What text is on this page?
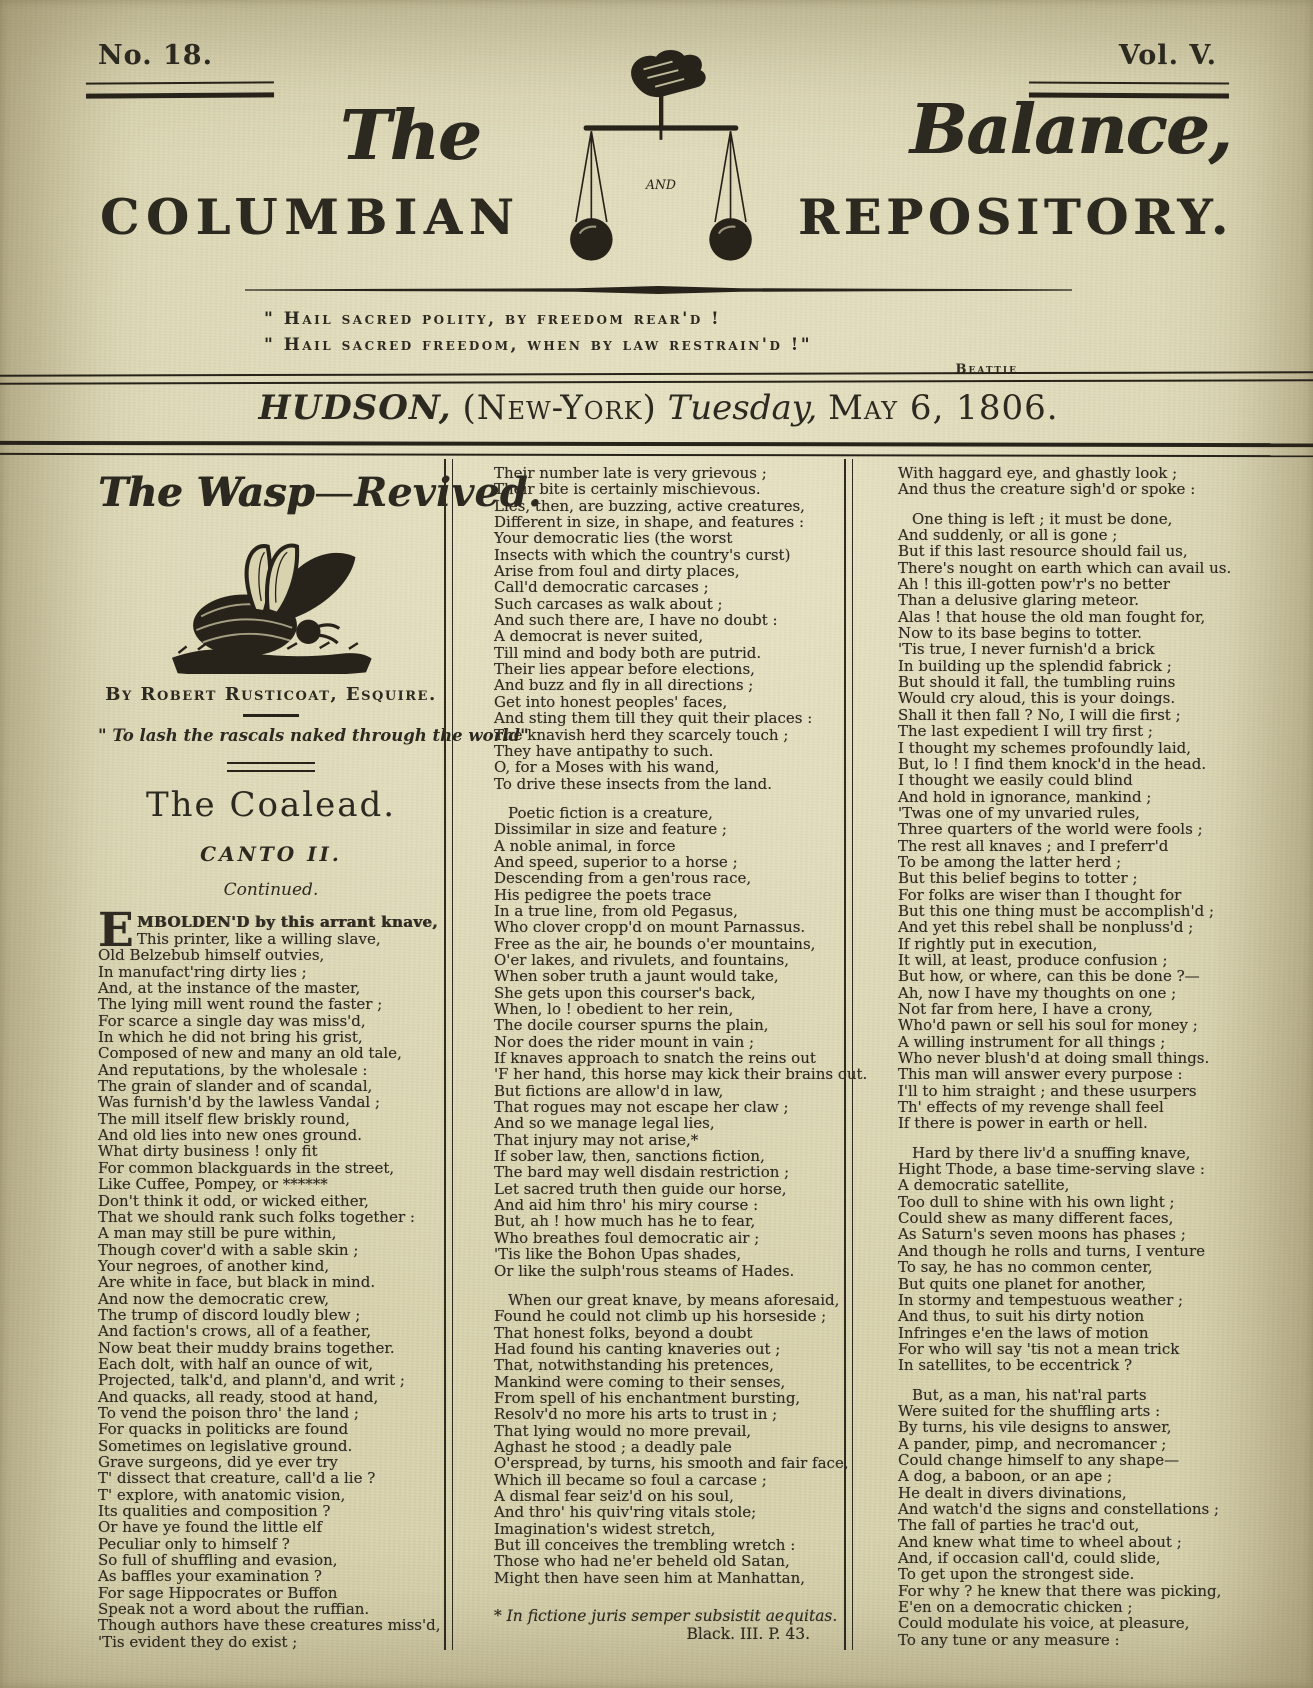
No. 18.	Vol. V.
AND
The	Balance,
COLUMBIAN	REPOSITORY.
" Hail sacred polity, by freedom rear'd !
" Hail sacred freedom, when by law restrain'd !"
Beattie
HUDSON, (New-York) Tuesday, May 6, 1806.
The Wasp—Revived.
By Robert Rusticoat, Esquire.
" To lash the rascals naked through the world"
The Coalead.
CANTO II.
Continued.
EMBOLDEN'D by this arrant knave,
This printer, like a willing slave,
Old Belzebub himself outvies,
In manufact'ring dirty lies ;
And, at the instance of the master,
The lying mill went round the faster ;
For scarce a single day was miss'd,
In which he did not bring his grist,
Composed of new and many an old tale,
And reputations, by the wholesale :
The grain of slander and of scandal,
Was furnish'd by the lawless Vandal ;
The mill itself flew briskly round,
And old lies into new ones ground.
What dirty business ! only fit
For common blackguards in the street,
Like Cuffee, Pompey, or ******
Don't think it odd, or wicked either,
That we should rank such folks together :
A man may still be pure within,
Though cover'd with a sable skin ;
Your negroes, of another kind,
Are white in face, but black in mind.
And now the democratic crew,
The trump of discord loudly blew ;
And faction's crows, all of a feather,
Now beat their muddy brains together.
Each dolt, with half an ounce of wit,
Projected, talk'd, and plann'd, and writ ;
And quacks, all ready, stood at hand,
To vend the poison thro' the land ;
For quacks in politicks are found
Sometimes on legislative ground.
Grave surgeons, did ye ever try
T' dissect that creature, call'd a lie ?
T' explore, with anatomic vision,
Its qualities and composition ?
Or have ye found the little elf
Peculiar only to himself ?
So full of shuffling and evasion,
As baffles your examination ?
For sage Hippocrates or Buffon
Speak not a word about the ruffian.
Though authors have these creatures miss'd,
'Tis evident they do exist ;
Their number late is very grievous ;
Their bite is certainly mischievous.
Lies, then, are buzzing, active creatures,
Different in size, in shape, and features :
Your democratic lies (the worst
Insects with which the country's curst)
Arise from foul and dirty places,
Call'd democratic carcases ;
Such carcases as walk about ;
And such there are, I have no doubt :
A democrat is never suited,
Till mind and body both are putrid.
Their lies appear before elections,
And buzz and fly in all directions ;
Get into honest peoples' faces,
And sting them till they quit their places :
The knavish herd they scarcely touch ;
They have antipathy to such.
O, for a Moses with his wand,
To drive these insects from the land.
Poetic fiction is a creature,
Dissimilar in size and feature ;
A noble animal, in force
And speed, superior to a horse ;
Descending from a gen'rous race,
His pedigree the poets trace
In a true line, from old Pegasus,
Who clover cropp'd on mount Parnassus.
Free as the air, he bounds o'er mountains,
O'er lakes, and rivulets, and fountains,
When sober truth a jaunt would take,
She gets upon this courser's back,
When, lo ! obedient to her rein,
The docile courser spurns the plain,
Nor does the rider mount in vain ;
If knaves approach to snatch the reins out
'F her hand, this horse may kick their brains out.
But fictions are allow'd in law,
That rogues may not escape her claw ;
And so we manage legal lies,
That injury may not arise,*
If sober law, then, sanctions fiction,
The bard may well disdain restriction ;
Let sacred truth then guide our horse,
And aid him thro' his miry course :
But, ah ! how much has he to fear,
Who breathes foul democratic air ;
'Tis like the Bohon Upas shades,
Or like the sulph'rous steams of Hades.
When our great knave, by means aforesaid,
Found he could not climb up his horseside ;
That honest folks, beyond a doubt
Had found his canting knaveries out ;
That, notwithstanding his pretences,
Mankind were coming to their senses,
From spell of his enchantment bursting,
Resolv'd no more his arts to trust in ;
That lying would no more prevail,
Aghast he stood ; a deadly pale
O'erspread, by turns, his smooth and fair face,
Which ill became so foul a carcase ;
A dismal fear seiz'd on his soul,
And thro' his quiv'ring vitals stole;
Imagination's widest stretch,
But ill conceives the trembling wretch :
Those who had ne'er beheld old Satan,
Might then have seen him at Manhattan,
* In fictione juris semper subsistit aequitas.
Black. III. P. 43.
With haggard eye, and ghastly look ;
And thus the creature sigh'd or spoke :
One thing is left ; it must be done,
And suddenly, or all is gone ;
But if this last resource should fail us,
There's nought on earth which can avail us.
Ah ! this ill-gotten pow'r's no better
Than a delusive glaring meteor.
Alas ! that house the old man fought for,
Now to its base begins to totter.
'Tis true, I never furnish'd a brick
In building up the splendid fabrick ;
But should it fall, the tumbling ruins
Would cry aloud, this is your doings.
Shall it then fall ? No, I will die first ;
The last expedient I will try first ;
I thought my schemes profoundly laid,
But, lo ! I find them knock'd in the head.
I thought we easily could blind
And hold in ignorance, mankind ;
'Twas one of my unvaried rules,
Three quarters of the world were fools ;
The rest all knaves ; and I preferr'd
To be among the latter herd ;
But this belief begins to totter ;
For folks are wiser than I thought for
But this one thing must be accomplish'd ;
And yet this rebel shall be nonpluss'd ;
If rightly put in execution,
It will, at least, produce confusion ;
But how, or where, can this be done ?—
Ah, now I have my thoughts on one ;
Not far from here, I have a crony,
Who'd pawn or sell his soul for money ;
A willing instrument for all things ;
Who never blush'd at doing small things.
This man will answer every purpose :
I'll to him straight ; and these usurpers
Th' effects of my revenge shall feel
If there is power in earth or hell.
Hard by there liv'd a snuffing knave,
Hight Thode, a base time-serving slave :
A democratic satellite,
Too dull to shine with his own light ;
Could shew as many different faces,
As Saturn's seven moons has phases ;
And though he rolls and turns, I venture
To say, he has no common center,
But quits one planet for another,
In stormy and tempestuous weather ;
And thus, to suit his dirty notion
Infringes e'en the laws of motion
For who will say 'tis not a mean trick
In satellites, to be eccentrick ?
But, as a man, his nat'ral parts
Were suited for the shuffling arts :
By turns, his vile designs to answer,
A pander, pimp, and necromancer ;
Could change himself to any shape—
A dog, a baboon, or an ape ;
He dealt in divers divinations,
And watch'd the signs and constellations ;
The fall of parties he trac'd out,
And knew what time to wheel about ;
And, if occasion call'd, could slide,
To get upon the strongest side.
For why ? he knew that there was picking,
E'en on a democratic chicken ;
Could modulate his voice, at pleasure,
To any tune or any measure :
